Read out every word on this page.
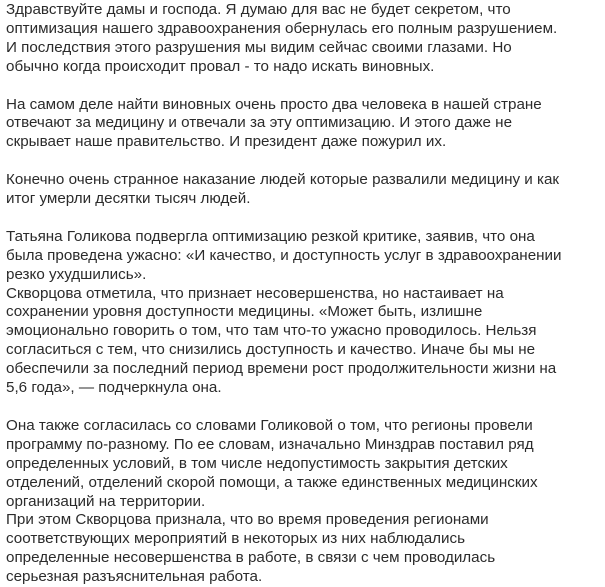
Здравствуйте дамы и господа. Я думаю для вас не будет секретом, что
оптимизация нашего здравоохранения обернулась его полным разрушением.
И последствия этого разрушения мы видим сейчас своими глазами. Но
обычно когда происходит провал - то надо искать виновных.
На самом деле найти виновных очень просто два человека в нашей стране
отвечают за медицину и отвечали за эту оптимизацию. И этого даже не
скрывает наше правительство. И президент даже пожурил их.
Конечно очень странное наказание людей которые развалили медицину и как
итог умерли десятки тысяч людей.
Татьяна Голикова подвергла оптимизацию резкой критике, заявив, что она
была проведена ужасно: «И качество, и доступность услуг в здравоохранении
резко ухудшились».
Скворцова отметила, что признает несовершенства, но настаивает на
сохранении уровня доступности медицины. «Может быть, излишне
эмоционально говорить о том, что там что-то ужасно проводилось. Нельзя
согласиться с тем, что снизились доступность и качество. Иначе бы мы не
обеспечили за последний период времени рост продолжительности жизни на
5,6 года», — подчеркнула она.
Она также согласилась со словами Голиковой о том, что регионы провели
программу по-разному. По ее словам, изначально Минздрав поставил ряд
определенных условий, в том числе недопустимость закрытия детских
отделений, отделений скорой помощи, а также единственных медицинских
организаций на территории.
При этом Скворцова признала, что во время проведения регионами
соответствующих мероприятий в некоторых из них наблюдались
определенные несовершенства в работе, в связи с чем проводилась
серьезная разъяснительная работа.
